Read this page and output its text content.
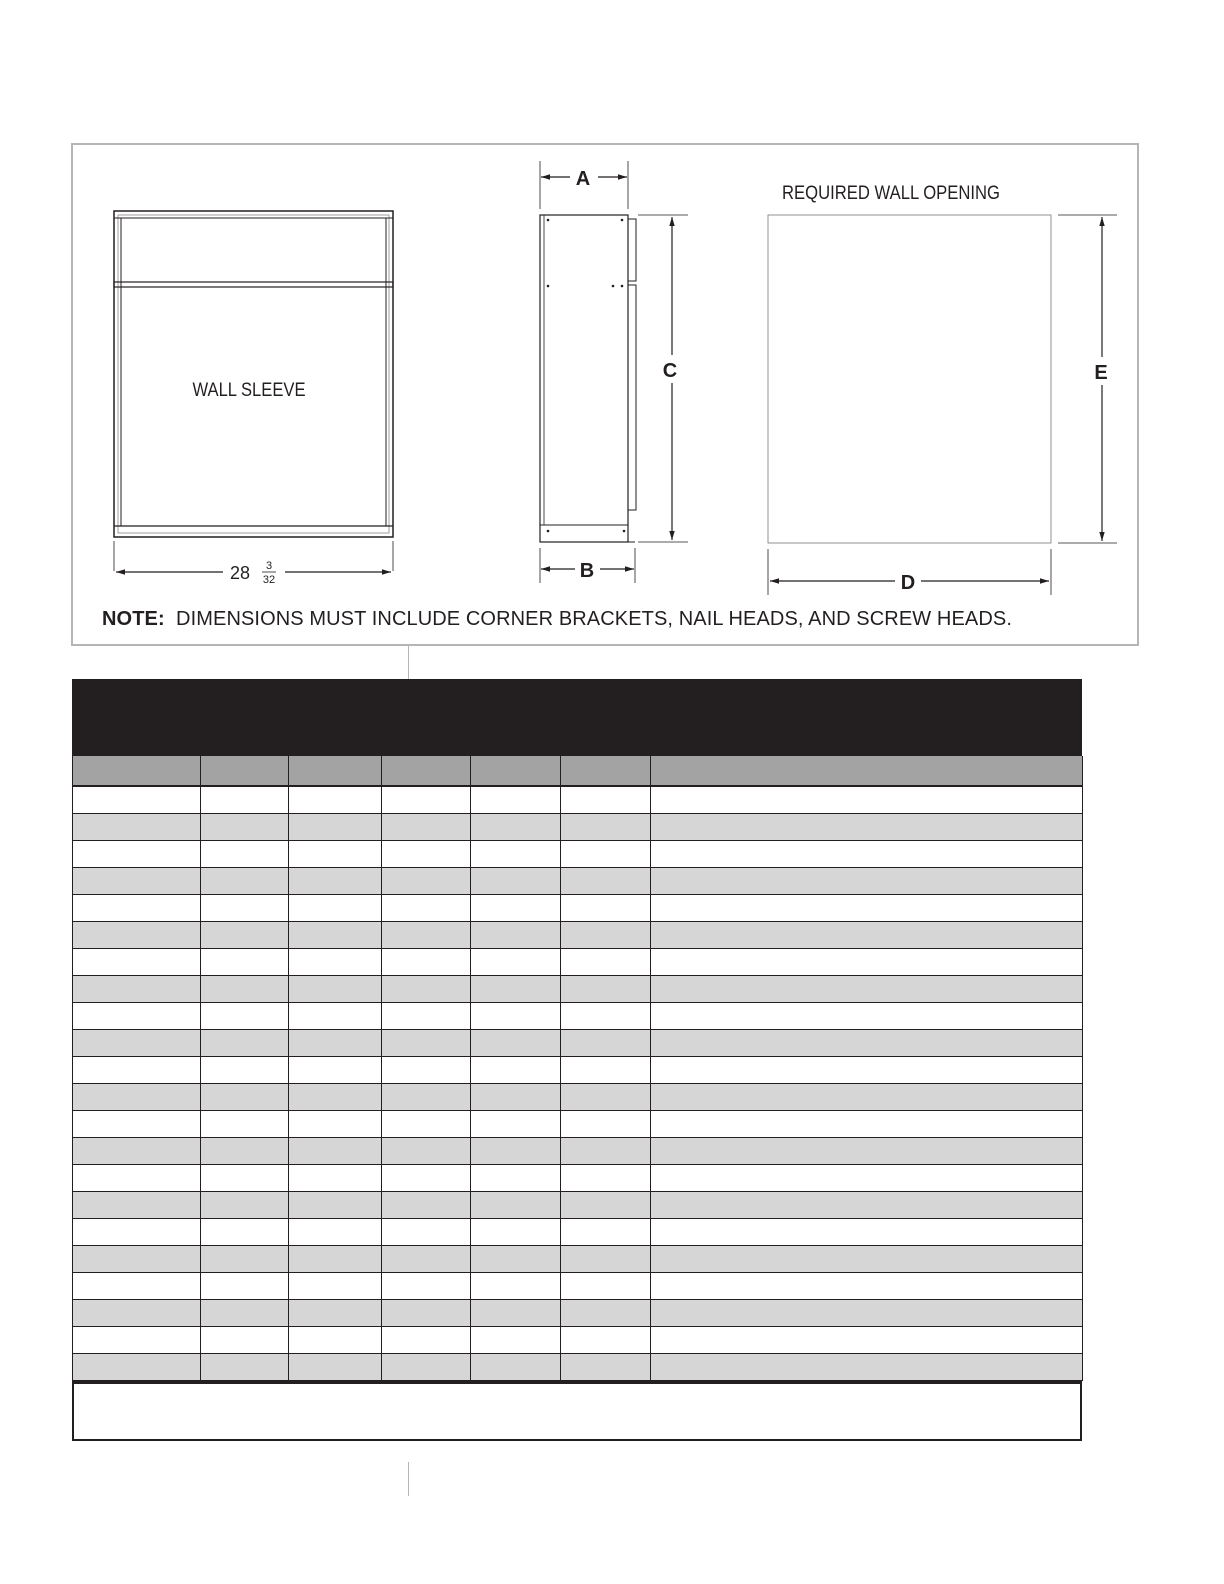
WALL SLEEVE
28 3
32
A
B
C
REQUIRED WALL OPENING
D
E
NOTE: DIMENSIONS MUST INCLUDE CORNER BRACKETS, NAIL HEADS, AND SCREW HEADS.
